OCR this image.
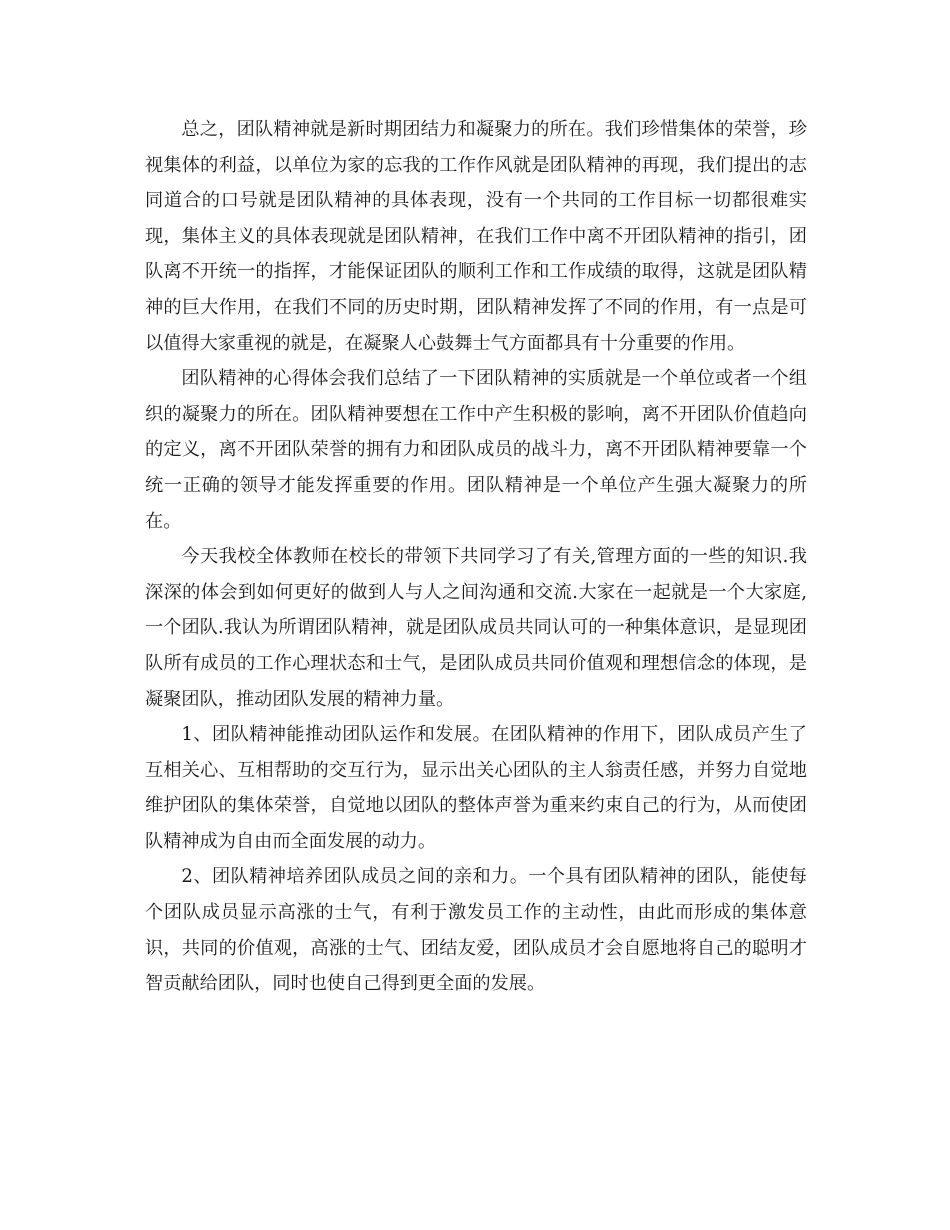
总之，团队精神就是新时期团结力和凝聚力的所在。我们珍惜集体的荣誉，珍视集体的利益，以单位为家的忘我的工作作风就是团队精神的再现，我们提出的志同道合的口号就是团队精神的具体表现，没有一个共同的工作目标一切都很难实现，集体主义的具体表现就是团队精神，在我们工作中离不开团队精神的指引，团队离不开统一的指挥，才能保证团队的顺利工作和工作成绩的取得，这就是团队精神的巨大作用，在我们不同的历史时期，团队精神发挥了不同的作用，有一点是可以值得大家重视的就是，在凝聚人心鼓舞士气方面都具有十分重要的作用。

团队精神的心得体会我们总结了一下团队精神的实质就是一个单位或者一个组织的凝聚力的所在。团队精神要想在工作中产生积极的影响，离不开团队价值趋向的定义，离不开团队荣誉的拥有力和团队成员的战斗力，离不开团队精神要靠一个统一正确的领导才能发挥重要的作用。团队精神是一个单位产生强大凝聚力的所在。

今天我校全体教师在校长的带领下共同学习了有关,管理方面的一些的知识.我深深的体会到如何更好的做到人与人之间沟通和交流.大家在一起就是一个大家庭,一个团队.我认为所谓团队精神，就是团队成员共同认可的一种集体意识，是显现团队所有成员的工作心理状态和士气，是团队成员共同价值观和理想信念的体现，是凝聚团队，推动团队发展的精神力量。

1、团队精神能推动团队运作和发展。在团队精神的作用下，团队成员产生了互相关心、互相帮助的交互行为，显示出关心团队的主人翁责任感，并努力自觉地维护团队的集体荣誉，自觉地以团队的整体声誉为重来约束自己的行为，从而使团队精神成为自由而全面发展的动力。

2、团队精神培养团队成员之间的亲和力。一个具有团队精神的团队，能使每个团队成员显示高涨的士气，有利于激发员工作的主动性，由此而形成的集体意识，共同的价值观，高涨的士气、团结友爱，团队成员才会自愿地将自己的聪明才智贡献给团队，同时也使自己得到更全面的发展。
